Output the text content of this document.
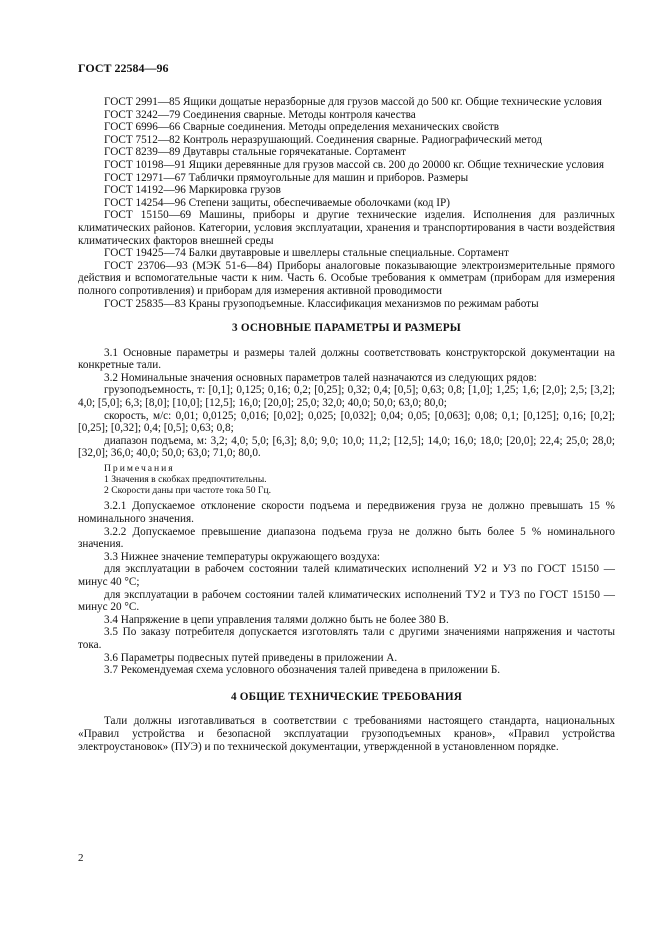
ГОСТ 22584—96

ГОСТ 2991—85 Ящики дощатые неразборные для грузов массой до 500 кг. Общие технические условия

ГОСТ 3242—79 Соединения сварные. Методы контроля качества

ГОСТ 6996—66 Сварные соединения. Методы определения механических свойств

ГОСТ 7512—82 Контроль неразрушающий. Соединения сварные. Радиографический метод

ГОСТ 8239—89 Двутавры стальные горячекатаные. Сортамент

ГОСТ 10198—91 Ящики деревянные для грузов массой св. 200 до 20000 кг. Общие технические условия

ГОСТ 12971—67 Таблички прямоугольные для машин и приборов. Размеры

ГОСТ 14192—96 Маркировка грузов

ГОСТ 14254—96 Степени защиты, обеспечиваемые оболочками (код IP)

ГОСТ 15150—69 Машины, приборы и другие технические изделия. Исполнения для различных климатических районов. Категории, условия эксплуатации, хранения и транспортирования в части воздействия климатических факторов внешней среды

ГОСТ 19425—74 Балки двутавровые и швеллеры стальные специальные. Сортамент

ГОСТ 23706—93 (МЭК 51-6—84) Приборы аналоговые показывающие электроизмерительные прямого действия и вспомогательные части к ним. Часть 6. Особые требования к омметрам (приборам для измерения полного сопротивления) и приборам для измерения активной проводимости

ГОСТ 25835—83 Краны грузоподъемные. Классификация механизмов по режимам работы

3 ОСНОВНЫЕ ПАРАМЕТРЫ И РАЗМЕРЫ

3.1 Основные параметры и размеры талей должны соответствовать конструкторской документации на конкретные тали.

3.2 Номинальные значения основных параметров талей назначаются из следующих рядов:

грузоподъемность, т: [0,1]; 0,125; 0,16; 0,2; [0,25]; 0,32; 0,4; [0,5]; 0,63; 0,8; [1,0]; 1,25; 1,6; [2,0]; 2,5; [3,2]; 4,0; [5,0]; 6,3; [8,0]; [10,0]; [12,5]; 16,0; [20,0]; 25,0; 32,0; 40,0; 50,0; 63,0; 80,0;

скорость, м/с: 0,01; 0,0125; 0,016; [0,02]; 0,025; [0,032]; 0,04; 0,05; [0,063]; 0,08; 0,1; [0,125]; 0,16; [0,2]; [0,25]; [0,32]; 0,4; [0,5]; 0,63; 0,8;

диапазон подъема, м: 3,2; 4,0; 5,0; [6,3]; 8,0; 9,0; 10,0; 11,2; [12,5]; 14,0; 16,0; 18,0; [20,0]; 22,4; 25,0; 28,0; [32,0]; 36,0; 40,0; 50,0; 63,0; 71,0; 80,0.

Примечания

1 Значения в скобках предпочтительны.

2 Скорости даны при частоте тока 50 Гц.

3.2.1 Допускаемое отклонение скорости подъема и передвижения груза не должно превышать 15 % номинального значения.

3.2.2 Допускаемое превышение диапазона подъема груза не должно быть более 5 % номинального значения.

3.3 Нижнее значение температуры окружающего воздуха:

для эксплуатации в рабочем состоянии талей климатических исполнений У2 и У3 по ГОСТ 15150 — минус 40 °С;

для эксплуатации в рабочем состоянии талей климатических исполнений ТУ2 и ТУ3 по ГОСТ 15150 — минус 20 °С.

3.4 Напряжение в цепи управления талями должно быть не более 380 В.

3.5 По заказу потребителя допускается изготовлять тали с другими значениями напряжения и частоты тока.

3.6 Параметры подвесных путей приведены в приложении А.

3.7 Рекомендуемая схема условного обозначения талей приведена в приложении Б.

4 ОБЩИЕ ТЕХНИЧЕСКИЕ ТРЕБОВАНИЯ

Тали должны изготавливаться в соответствии с требованиями настоящего стандарта, национальных «Правил устройства и безопасной эксплуатации грузоподъемных кранов», «Правил устройства электроустановок» (ПУЭ) и по технической документации, утвержденной в установленном порядке.

2
